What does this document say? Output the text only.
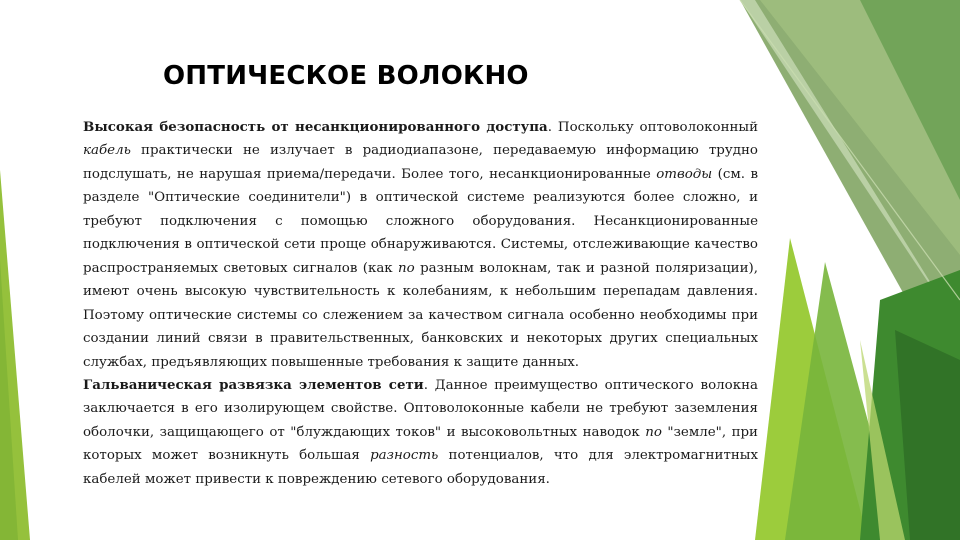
ОПТИЧЕСКОЕ ВОЛОКНО

Высокая безопасность от несанкционированного доступа. Поскольку оптоволоконный кабель практически не излучает в радиодиапазоне, передаваемую информацию трудно подслушать, не нарушая приема/передачи. Более того, несанкционированные отводы (см. в разделе "Оптические соединители") в оптической системе реализуются более сложно, и требуют подключения с помощью сложного оборудования. Несанкционированные подключения в оптической сети проще обнаруживаются. Системы, отслеживающие качество распространяемых световых сигналов (как по разным волокнам, так и разной поляризации), имеют очень высокую чувствительность к колебаниям, к небольшим перепадам давления. Поэтому оптические системы со слежением за качеством сигнала особенно необходимы при создании линий связи в правительственных, банковских и некоторых других специальных службах, предъявляющих повышенные требования к защите данных.

Гальваническая развязка элементов сети. Данное преимущество оптического волокна заключается в его изолирующем свойстве. Оптоволоконные кабели не требуют заземления оболочки, защищающего от "блуждающих токов" и высоковольтных наводок по "земле", при которых может возникнуть большая разность потенциалов, что для электромагнитных кабелей может привести к повреждению сетевого оборудования.
